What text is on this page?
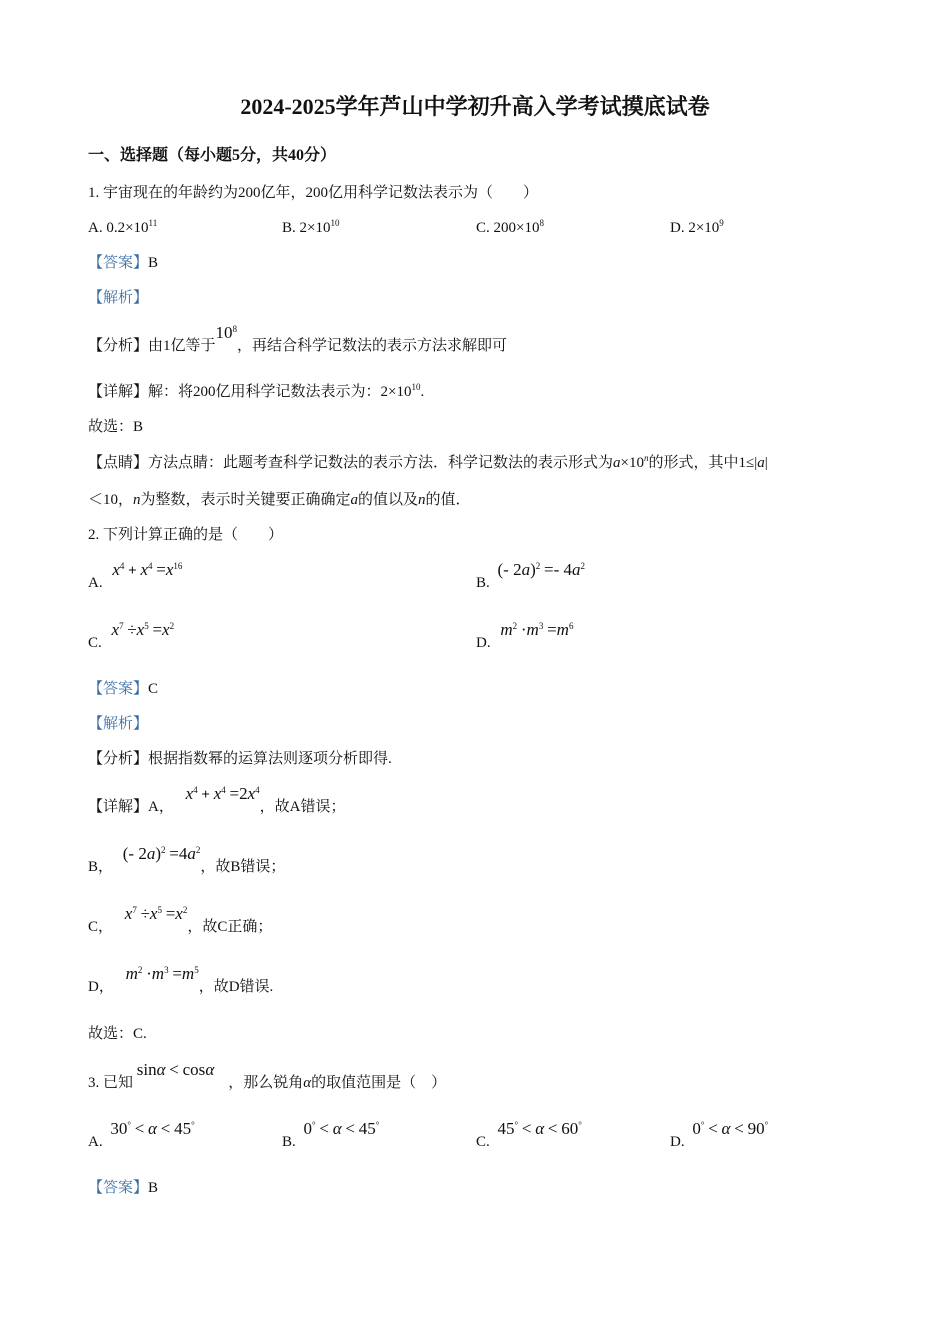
2024-2025学年芦山中学初升高入学考试摸底试卷
一、选择题（每小题5分，共40分）
1. 宇宙现在的年龄约为200亿年，200亿用科学记数法表示为（　　）
A. $0.2\times 10^{11}$	B. $2\times 10^{10}$	C. $200\times 10^8$	D. $2\times 10^9$
【答案】B
【解析】
【分析】由1亿等于$10^8$，再结合科学记数法的表示方法求解即可
【详解】解：将200亿用科学记数法表示为：$2\times 10^{10}$.
故选：B
【点睛】方法点睛：此题考查科学记数法的表示方法．科学记数法的表示形式为$a\times 10^n$的形式，其中1≤|a|
＜10，n为整数，表示时关键要正确确定a的值以及n的值．
2. 下列计算正确的是（　　）
A. $x^4 + x^4 =x^{16}$
B. (- $2a)^2 =- 4a^2$
C. $x^7 \div x^5 =x^2$
D. $m^2 \cdot m^3 =m^6$
【答案】C
【解析】
【分析】根据指数幂的运算法则逐项分析即得.
【详解】A， $x^4 + x^4 =2x^4$，故A错误；
B， (- $2a)^2 =4a^2$，故B错误；
C， $x^7 \div x^5 =x^2$，故C正确；
D， $m^2 \cdot m^3 =m^5$，故D错误.
故选：C.
3. 已知 sinα < cosα，那么锐角α的取值范围是（　）
A. 30° < α < 45°
B. 0° < α < 45°
C. 45° < α < 60°
D. 0° < α < 90°
【答案】B
